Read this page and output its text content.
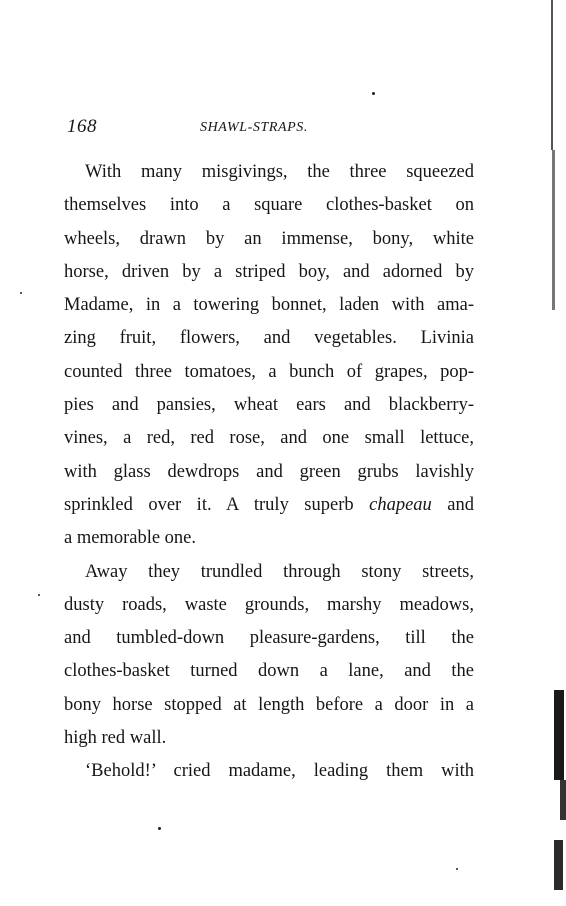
168	SHAWL-STRAPS.
With many misgivings, the three squeezed
themselves into a square clothes-basket on
wheels, drawn by an immense, bony, white
horse, driven by a striped boy, and adorned by
Madame, in a towering bonnet, laden with ama-
zing fruit, flowers, and vegetables. Livinia
counted three tomatoes, a bunch of grapes, pop-
pies and pansies, wheat ears and blackberry-
vines, a red, red rose, and one small lettuce,
with glass dewdrops and green grubs lavishly
sprinkled over it. A truly superb chapeau and
a memorable one.
Away they trundled through stony streets,
dusty roads, waste grounds, marshy meadows,
and tumbled-down pleasure-gardens, till the
clothes-basket turned down a lane, and the
bony horse stopped at length before a door in a
high red wall.
‘Behold!’ cried madame, leading them with
